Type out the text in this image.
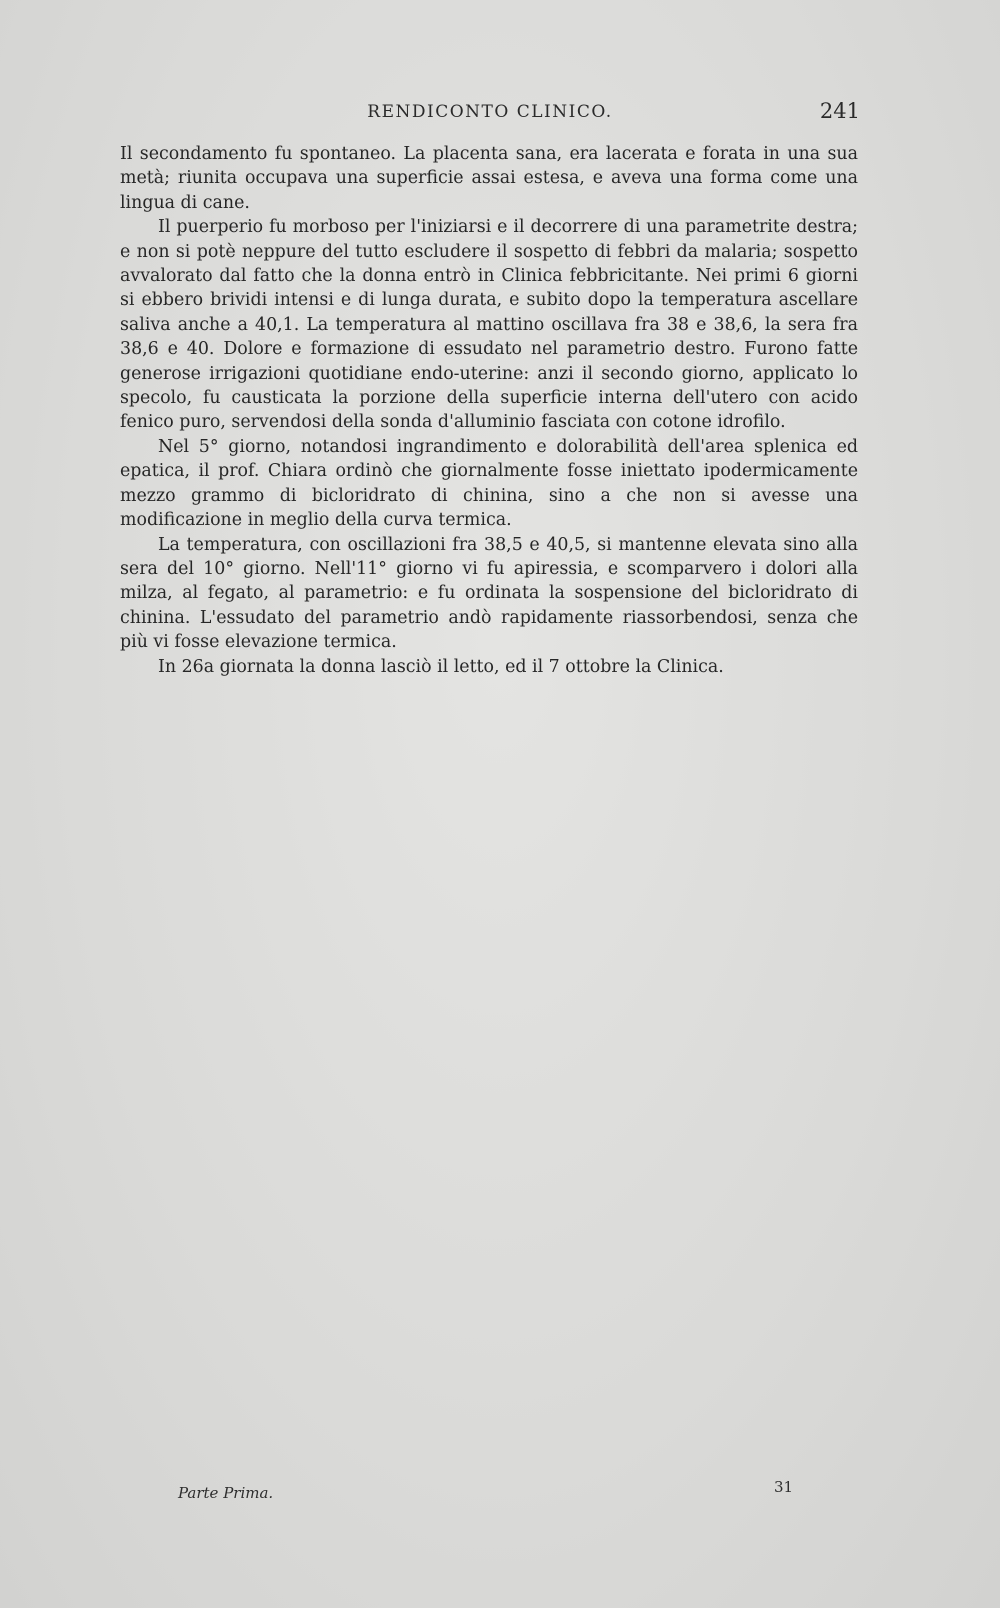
RENDICONTO CLINICO.	241

Il secondamento fu spontaneo. La placenta sana, era lacerata e forata in una sua metà; riunita occupava una superficie assai estesa, e aveva una forma come una lingua di cane.

Il puerperio fu morboso per l'iniziarsi e il decorrere di una parametrite destra; e non si potè neppure del tutto escludere il sospetto di febbri da malaria; sospetto avvalorato dal fatto che la donna entrò in Clinica febbricitante. Nei primi 6 giorni si ebbero brividi intensi e di lunga durata, e subito dopo la temperatura ascellare saliva anche a 40,1. La temperatura al mattino oscillava fra 38 e 38,6, la sera fra 38,6 e 40. Dolore e formazione di essudato nel parametrio destro. Furono fatte generose irrigazioni quotidiane endo-uterine: anzi il secondo giorno, applicato lo specolo, fu causticata la porzione della superficie interna dell'utero con acido fenico puro, servendosi della sonda d'alluminio fasciata con cotone idrofilo.

Nel 5° giorno, notandosi ingrandimento e dolorabilità dell'area splenica ed epatica, il prof. Chiara ordinò che giornalmente fosse iniettato ipodermicamente mezzo grammo di bicloridrato di chinina, sino a che non si avesse una modificazione in meglio della curva termica.

La temperatura, con oscillazioni fra 38,5 e 40,5, si mantenne elevata sino alla sera del 10° giorno. Nell'11° giorno vi fu apiressia, e scomparvero i dolori alla milza, al fegato, al parametrio: e fu ordinata la sospensione del bicloridrato di chinina. L'essudato del parametrio andò rapidamente riassorbendosi, senza che più vi fosse elevazione termica.

In 26a giornata la donna lasciò il letto, ed il 7 ottobre la Clinica.

Parte Prima.	31
